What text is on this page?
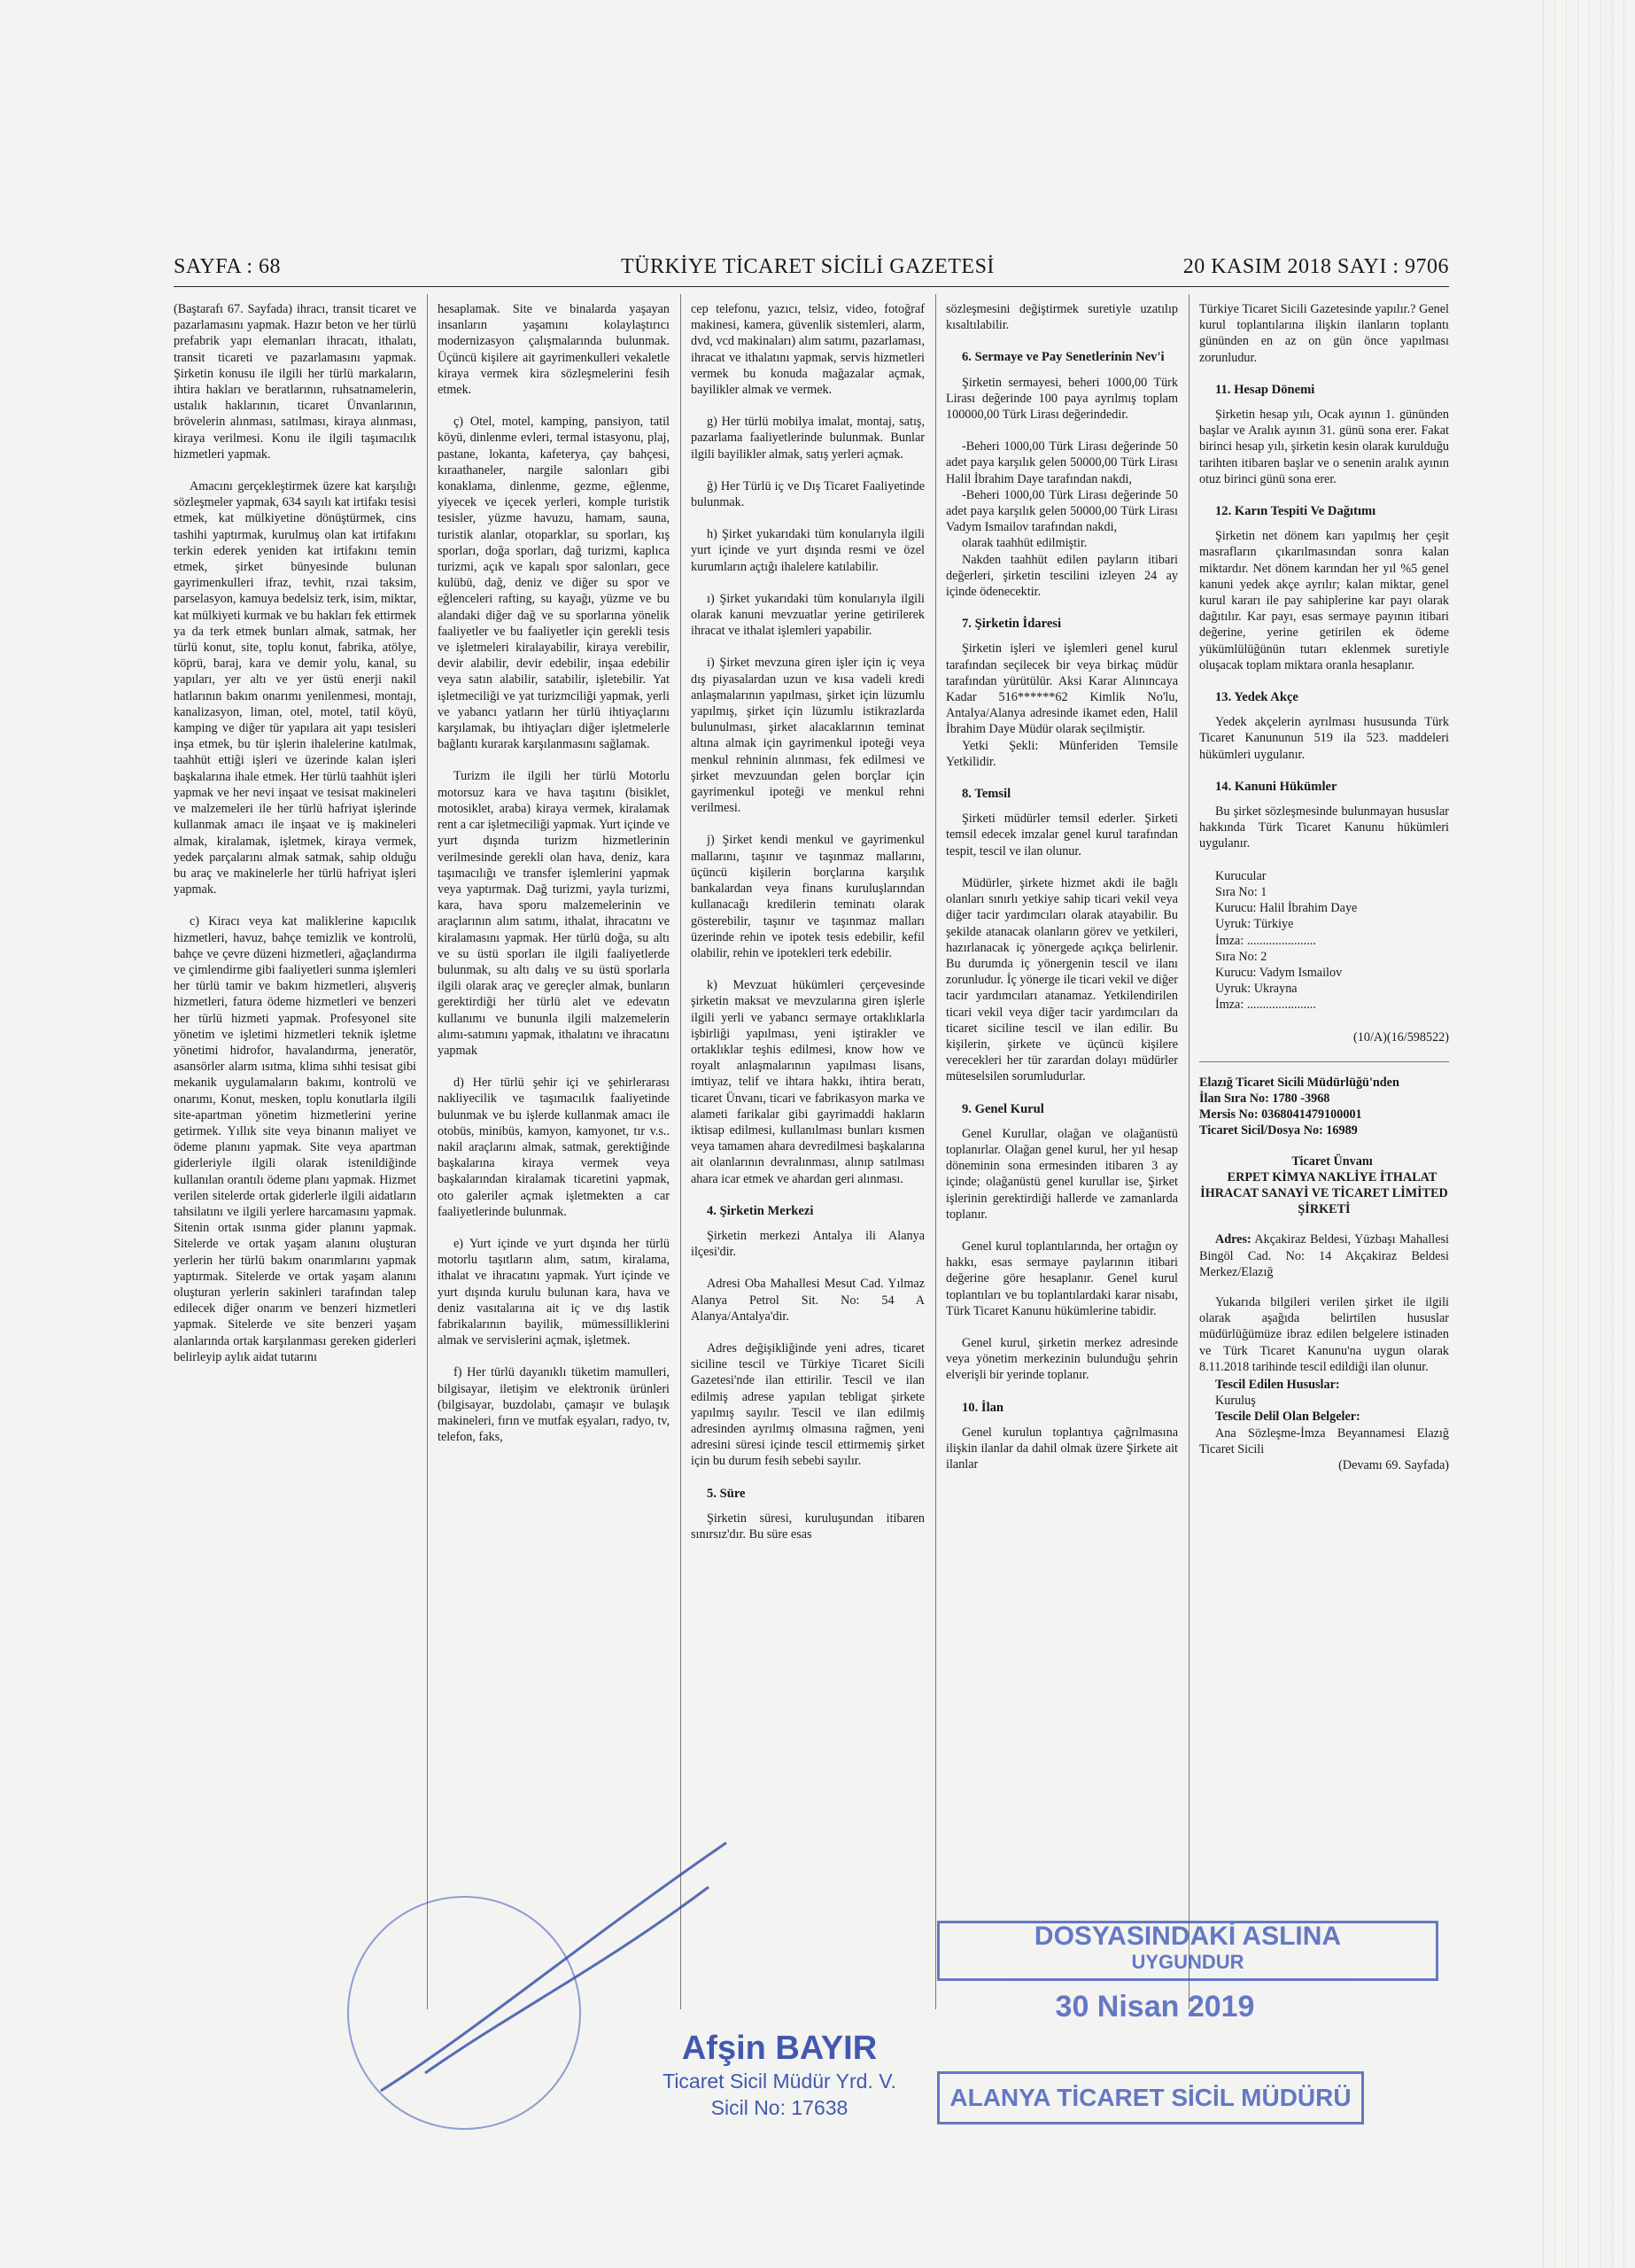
SAYFA : 68	TÜRKİYE TİCARET SİCİLİ GAZETESİ	20 KASIM 2018 SAYI : 9706

(Baştarafı 67. Sayfada) ihracı, transit ticaret ve pazarlamasını yapmak. Hazır beton ve her türlü prefabrik yapı elemanları ihracatı, ithalatı, transit ticareti ve pazarlamasını yapmak. Şirketin konusu ile ilgili her türlü markaların, ihtira hakları ve beratlarının, ruhsatnamelerin, ustalık haklarının, ticaret Ünvanlarının, brövelerin alınması, satılması, kiraya alınması, kiraya verilmesi. Konu ile ilgili taşımacılık hizmetleri yapmak.

Amacını gerçekleştirmek üzere kat karşılığı sözleşmeler yapmak, 634 sayılı kat irtifakı tesisi etmek, kat mülkiyetine dönüştürmek, cins tashihi yaptırmak, kurulmuş olan kat irtifakını terkin ederek yeniden kat irtifakını temin etmek, şirket bünyesinde bulunan gayrimenkulleri ifraz, tevhit, rızai taksim, parselasyon, kamuya bedelsiz terk, isim, miktar, kat mülkiyeti kurmak ve bu hakları fek ettirmek ya da terk etmek bunları almak, satmak, her türlü konut, site, toplu konut, fabrika, atölye, köprü, baraj, kara ve demir yolu, kanal, su yapıları, yer altı ve yer üstü enerji nakil hatlarının bakım onarımı yenilenmesi, montajı, kanalizasyon, liman, otel, motel, tatil köyü, kamping ve diğer tür yapılara ait yapı tesisleri inşa etmek, bu tür işlerin ihalelerine katılmak, taahhüt ettiği işleri ve üzerinde kalan işleri başkalarına ihale etmek. Her türlü taahhüt işleri yapmak ve her nevi inşaat ve tesisat makineleri ve malzemeleri ile her türlü hafriyat işlerinde kullanmak amacı ile inşaat ve iş makineleri almak, kiralamak, işletmek, kiraya vermek, yedek parçalarını almak satmak, sahip olduğu bu araç ve makinelerle her türlü hafriyat işleri yapmak.

c) Kiracı veya kat maliklerine kapıcılık hizmetleri, havuz, bahçe temizlik ve kontrolü, bahçe ve çevre düzeni hizmetleri, ağaçlandırma ve çimlendirme gibi faaliyetleri sunma işlemleri her türlü tamir ve bakım hizmetleri, alışveriş hizmetleri, fatura ödeme hizmetleri ve benzeri her türlü hizmeti yapmak. Profesyonel site yönetim ve işletimi hizmetleri teknik işletme yönetimi hidrofor, havalandırma, jeneratör, asansörler alarm ısıtma, klima sıhhi tesisat gibi mekanik uygulamaların bakımı, kontrolü ve onarımı, Konut, mesken, toplu konutlarla ilgili site-apartman yönetim hizmetlerini yerine getirmek. Yıllık site veya binanın maliyet ve ödeme planını yapmak. Site veya apartman giderleriyle ilgili olarak istenildiğinde kullanılan orantılı ödeme planı yapmak. Hizmet verilen sitelerde ortak giderlerle ilgili aidatların tahsilatını ve ilgili yerlere harcamasını yapmak. Sitenin ortak ısınma gider planını yapmak. Sitelerde ve ortak yaşam alanını oluşturan yerlerin her türlü bakım onarımlarını yapmak yaptırmak. Sitelerde ve ortak yaşam alanını oluşturan yerlerin sakinleri tarafından talep edilecek diğer onarım ve benzeri hizmetleri yapmak. Sitelerde ve site benzeri yaşam alanlarında ortak karşılanması gereken giderleri belirleyip aylık aidat tutarını

hesaplamak. Site ve binalarda yaşayan insanların yaşamını kolaylaştırıcı modernizasyon çalışmalarında bulunmak. Üçüncü kişilere ait gayrimenkulleri vekaletle kiraya vermek kira sözleşmelerini fesih etmek.

ç) Otel, motel, kamping, pansiyon, tatil köyü, dinlenme evleri, termal istasyonu, plaj, pastane, lokanta, kafeterya, çay bahçesi, kıraathaneler, nargile salonları gibi konaklama, dinlenme, gezme, eğlenme, yiyecek ve içecek yerleri, komple turistik tesisler, yüzme havuzu, hamam, sauna, turistik alanlar, otoparklar, su sporları, kış sporları, doğa sporları, dağ turizmi, kaplıca turizmi, açık ve kapalı spor salonları, gece kulübü, dağ, deniz ve diğer su spor ve eğlenceleri rafting, su kayağı, yüzme ve bu alandaki diğer dağ ve su sporlarına yönelik faaliyetler ve bu faaliyetler için gerekli tesis ve işletmeleri kiralayabilir, kiraya verebilir, devir alabilir, devir edebilir, inşaa edebilir veya satın alabilir, satabilir, işletebilir. Yat işletmeciliği ve yat turizmciliği yapmak, yerli ve yabancı yatların her türlü ihtiyaçlarını karşılamak, bu ihtiyaçları diğer işletmelerle bağlantı kurarak karşılanmasını sağlamak.

Turizm ile ilgili her türlü Motorlu motorsuz kara ve hava taşıtını (bisiklet, motosiklet, araba) kiraya vermek, kiralamak rent a car işletmeciliği yapmak. Yurt içinde ve yurt dışında turizm hizmetlerinin verilmesinde gerekli olan hava, deniz, kara taşımacılığı ve transfer işlemlerini yapmak veya yaptırmak. Dağ turizmi, yayla turizmi, kara, hava sporu malzemelerinin ve araçlarının alım satımı, ithalat, ihracatını ve kiralamasını yapmak. Her türlü doğa, su altı ve su üstü sporları ile ilgili faaliyetlerde bulunmak, su altı dalış ve su üstü sporlarla ilgili olarak araç ve gereçler almak, bunların gerektirdiği her türlü alet ve edevatın kullanımı ve bununla ilgili malzemelerin alımı-satımını yapmak, ithalatını ve ihracatını yapmak

d) Her türlü şehir içi ve şehirlerarası nakliyecilik ve taşımacılık faaliyetinde bulunmak ve bu işlerde kullanmak amacı ile otobüs, minibüs, kamyon, kamyonet, tır v.s.. nakil araçlarını almak, satmak, gerektiğinde başkalarına kiraya vermek veya başkalarından kiralamak ticaretini yapmak, oto galeriler açmak işletmekten a car faaliyetlerinde bulunmak.

e) Yurt içinde ve yurt dışında her türlü motorlu taşıtların alım, satım, kiralama, ithalat ve ihracatını yapmak. Yurt içinde ve yurt dışında kurulu bulunan kara, hava ve deniz vasıtalarına ait iç ve dış lastik fabrikalarının bayilik, mümessilliklerini almak ve servislerini açmak, işletmek.

f) Her türlü dayanıklı tüketim mamulleri, bilgisayar, iletişim ve elektronik ürünleri (bilgisayar, buzdolabı, çamaşır ve bulaşık makineleri, fırın ve mutfak eşyaları, radyo, tv, telefon, faks,

cep telefonu, yazıcı, telsiz, video, fotoğraf makinesi, kamera, güvenlik sistemleri, alarm, dvd, vcd makinaları) alım satımı, pazarlaması, ihracat ve ithalatını yapmak, servis hizmetleri vermek bu konuda mağazalar açmak, bayilikler almak ve vermek.

g) Her türlü mobilya imalat, montaj, satış, pazarlama faaliyetlerinde bulunmak. Bunlar ilgili bayilikler almak, satış yerleri açmak.

ğ) Her Türlü iç ve Dış Ticaret Faaliyetinde bulunmak.

h) Şirket yukarıdaki tüm konularıyla ilgili yurt içinde ve yurt dışında resmi ve özel kurumların açtığı ihalelere katılabilir.

ı) Şirket yukarıdaki tüm konularıyla ilgili olarak kanuni mevzuatlar yerine getirilerek ihracat ve ithalat işlemleri yapabilir.

i) Şirket mevzuna giren işler için iç veya dış piyasalardan uzun ve kısa vadeli kredi anlaşmalarının yapılması, şirket için lüzumlu yapılmış, şirket için lüzumlu istikrazlarda bulunulması, şirket alacaklarının teminat altına almak için gayrimenkul ipoteği veya menkul rehninin alınması, fek edilmesi ve şirket mevzuundan gelen borçlar için gayrimenkul ipoteği ve menkul rehni verilmesi.

j) Şirket kendi menkul ve gayrimenkul mallarını, taşınır ve taşınmaz mallarını, üçüncü kişilerin borçlarına karşılık bankalardan veya finans kuruluşlarından kullanacağı kredilerin teminatı olarak gösterebilir, taşınır ve taşınmaz malları üzerinde rehin ve ipotek tesis edebilir, kefil olabilir, rehin ve ipotekleri terk edebilir.

k) Mevzuat hükümleri çerçevesinde şirketin maksat ve mevzularına giren işlerle ilgili yerli ve yabancı sermaye ortaklıklarla işbirliği yapılması, yeni iştirakler ve ortaklıklar teşhis edilmesi, know how ve royalt anlaşmalarının yapılması lisans, imtiyaz, telif ve ihtara hakkı, ihtira beratı, ticaret Ünvanı, ticari ve fabrikasyon marka ve alameti farikalar gibi gayrimaddi hakların iktisap edilmesi, kullanılması bunları kısmen veya tamamen ahara devredilmesi başkalarına ait olanlarının devralınması, alınıp satılması ahara icar etmek ve ahardan geri alınması.

4. Şirketin Merkezi

Şirketin merkezi Antalya ili Alanya ilçesi'dir.

Adresi Oba Mahallesi Mesut Cad. Yılmaz Alanya Petrol Sit. No: 54 A Alanya/Antalya'dir.

Adres değişikliğinde yeni adres, ticaret siciline tescil ve Türkiye Ticaret Sicili Gazetesi'nde ilan ettirilir. Tescil ve ilan edilmiş adrese yapılan tebligat şirkete yapılmış sayılır. Tescil ve ilan edilmiş adresinden ayrılmış olmasına rağmen, yeni adresini süresi içinde tescil ettirmemiş şirket için bu durum fesih sebebi sayılır.

5. Süre

Şirketin süresi, kuruluşundan itibaren sınırsız'dır. Bu süre esas

sözleşmesini değiştirmek suretiyle uzatılıp kısaltılabilir.

6. Sermaye ve Pay Senetlerinin Nev'i

Şirketin sermayesi, beheri 1000,00 Türk Lirası değerinde 100 paya ayrılmış toplam 100000,00 Türk Lirası değerindedir.

-Beheri 1000,00 Türk Lirası değerinde 50 adet paya karşılık gelen 50000,00 Türk Lirası Halil İbrahim Daye tarafından nakdi,

-Beheri 1000,00 Türk Lirası değerinde 50 adet paya karşılık gelen 50000,00 Türk Lirası Vadym Ismailov tarafından nakdi,

olarak taahhüt edilmiştir.

Nakden taahhüt edilen payların itibari değerleri, şirketin tescilini izleyen 24 ay içinde ödenecektir.

7. Şirketin İdaresi

Şirketin işleri ve işlemleri genel kurul tarafından seçilecek bir veya birkaç müdür tarafından yürütülür. Aksi Karar Alınıncaya Kadar 516******62 Kimlik No'lu, Antalya/Alanya adresinde ikamet eden, Halil İbrahim Daye Müdür olarak seçilmiştir.

Yetki Şekli: Münferiden Temsile Yetkilidir.

8. Temsil

Şirketi müdürler temsil ederler. Şirketi temsil edecek imzalar genel kurul tarafından tespit, tescil ve ilan olunur.

Müdürler, şirkete hizmet akdi ile bağlı olanları sınırlı yetkiye sahip ticari vekil veya diğer tacir yardımcıları olarak atayabilir. Bu şekilde atanacak olanların görev ve yetkileri, hazırlanacak iç yönergede açıkça belirlenir. Bu durumda iç yönergenin tescil ve ilanı zorunludur. İç yönerge ile ticari vekil ve diğer tacir yardımcıları atanamaz. Yetkilendirilen ticari vekil veya diğer tacir yardımcıları da ticaret siciline tescil ve ilan edilir. Bu kişilerin, şirkete ve üçüncü kişilere verecekleri her tür zarardan dolayı müdürler müteselsilen sorumludurlar.

9. Genel Kurul

Genel Kurullar, olağan ve olağanüstü toplanırlar. Olağan genel kurul, her yıl hesap döneminin sona ermesinden itibaren 3 ay içinde; olağanüstü genel kurullar ise, Şirket işlerinin gerektirdiği hallerde ve zamanlarda toplanır.

Genel kurul toplantılarında, her ortağın oy hakkı, esas sermaye paylarının itibari değerine göre hesaplanır. Genel kurul toplantıları ve bu toplantılardaki karar nisabı, Türk Ticaret Kanunu hükümlerine tabidir.

Genel kurul, şirketin merkez adresinde veya yönetim merkezinin bulunduğu şehrin elverişli bir yerinde toplanır.

10. İlan

Genel kurulun toplantıya çağrılmasına ilişkin ilanlar da dahil olmak üzere Şirkete ait ilanlar

Türkiye Ticaret Sicili Gazetesinde yapılır.? Genel kurul toplantılarına ilişkin ilanların toplantı gününden en az on gün önce yapılması zorunludur.

11. Hesap Dönemi

Şirketin hesap yılı, Ocak ayının 1. gününden başlar ve Aralık ayının 31. günü sona erer. Fakat birinci hesap yılı, şirketin kesin olarak kurulduğu tarihten itibaren başlar ve o senenin aralık ayının otuz birinci günü sona erer.

12. Karın Tespiti Ve Dağıtımı

Şirketin net dönem karı yapılmış her çeşit masrafların çıkarılmasından sonra kalan miktardır. Net dönem karından her yıl %5 genel kanuni yedek akçe ayrılır; kalan miktar, genel kurul kararı ile pay sahiplerine kar payı olarak dağıtılır. Kar payı, esas sermaye payının itibari değerine, yerine getirilen ek ödeme yükümlülüğünün tutarı eklenmek suretiyle oluşacak toplam miktara oranla hesaplanır.

13. Yedek Akçe

Yedek akçelerin ayrılması hususunda Türk Ticaret Kanununun 519 ila 523. maddeleri hükümleri uygulanır.

14. Kanuni Hükümler

Bu şirket sözleşmesinde bulunmayan hususlar hakkında Türk Ticaret Kanunu hükümleri uygulanır.

Kurucular

Sıra No: 1

Kurucu: Halil İbrahim Daye

Uyruk: Türkiye

İmza: ......................

Sıra No: 2

Kurucu: Vadym Ismailov

Uyruk: Ukrayna

İmza: ......................

(10/A)(16/598522)

Elazığ Ticaret Sicili Müdürlüğü'nden

İlan Sıra No: 1780 -3968

Mersis No: 0368041479100001

Ticaret Sicil/Dosya No: 16989

Ticaret Ünvanı

ERPET KİMYA NAKLİYE İTHALAT İHRACAT SANAYİ VE TİCARET LİMİTED ŞİRKETİ

Adres: Akçakiraz Beldesi, Yüzbaşı Mahallesi Bingöl Cad. No: 14 Akçakiraz Beldesi Merkez/Elazığ

Yukarıda bilgileri verilen şirket ile ilgili olarak aşağıda belirtilen hususlar müdürlüğümüze ibraz edilen belgelere istinaden ve Türk Ticaret Kanunu'na uygun olarak 8.11.2018 tarihinde tescil edildiği ilan olunur.

Tescil Edilen Hususlar:

Kuruluş

Tescile Delil Olan Belgeler:

Ana Sözleşme-İmza Beyannamesi Elazığ Ticaret Sicili

(Devamı 69. Sayfada)

DOSYASINDAKİ ASLINA
UYGUNDUR
30 Nisan 2019
ALANYA TİCARET SİCİL MÜDÜRÜ
Afşin BAYIR
Ticaret Sicil Müdür Yrd. V.
Sicil No: 17638
